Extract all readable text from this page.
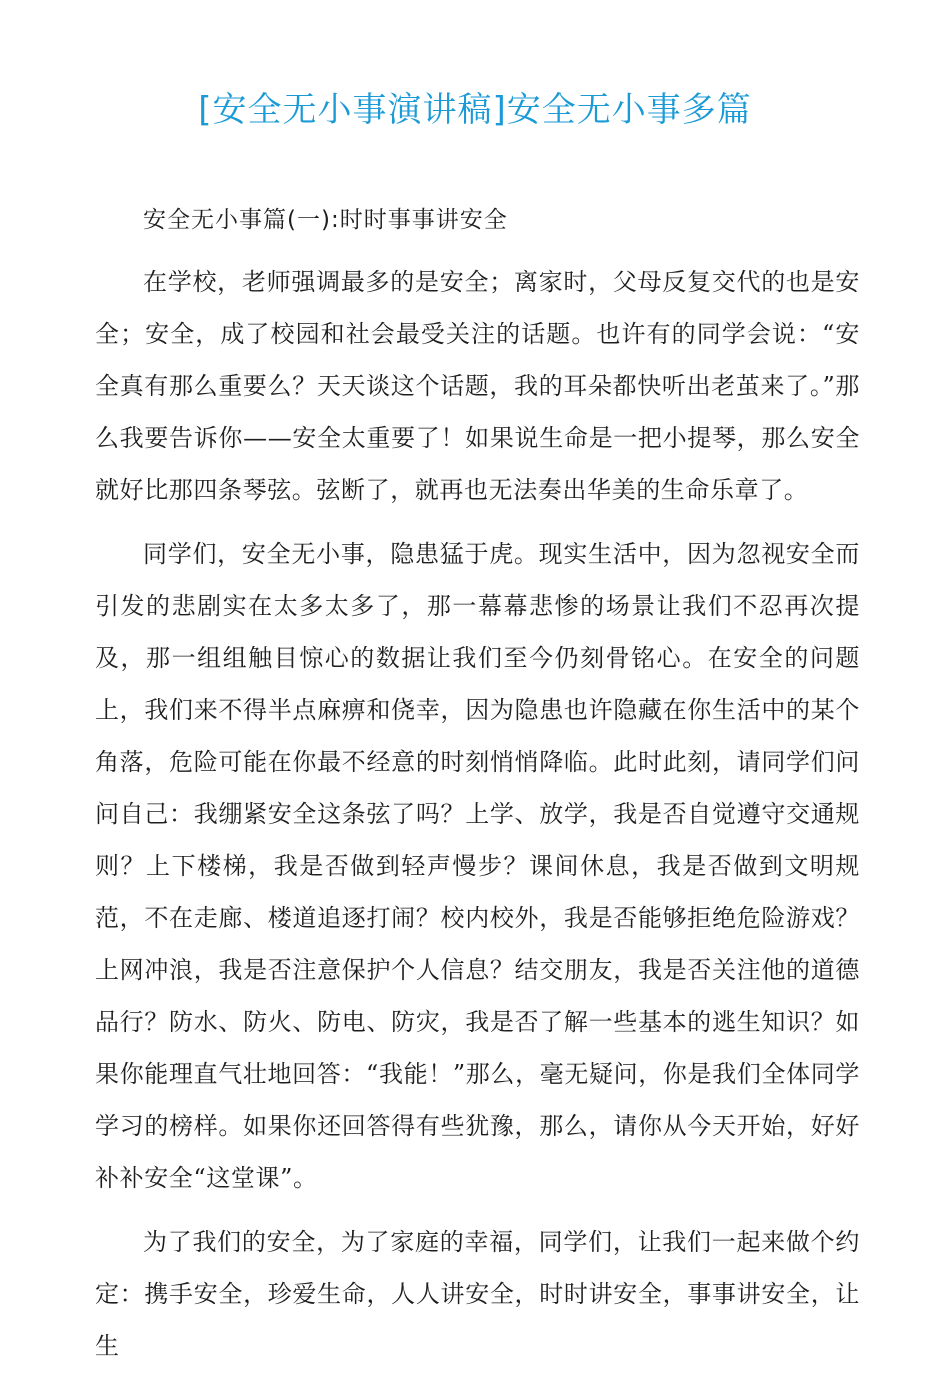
[安全无小事演讲稿]安全无小事多篇

安全无小事篇(一):时时事事讲安全

在学校，老师强调最多的是安全；离家时，父母反复交代的也是安全；安全，成了校园和社会最受关注的话题。也许有的同学会说：“安全真有那么重要么？天天谈这个话题，我的耳朵都快听出老茧来了。”那么我要告诉你——安全太重要了！如果说生命是一把小提琴，那么安全就好比那四条琴弦。弦断了，就再也无法奏出华美的生命乐章了。

同学们，安全无小事，隐患猛于虎。现实生活中，因为忽视安全而引发的悲剧实在太多太多了，那一幕幕悲惨的场景让我们不忍再次提及，那一组组触目惊心的数据让我们至今仍刻骨铭心。在安全的问题上，我们来不得半点麻痹和侥幸，因为隐患也许隐藏在你生活中的某个角落，危险可能在你最不经意的时刻悄悄降临。此时此刻，请同学们问问自己：我绷紧安全这条弦了吗？上学、放学，我是否自觉遵守交通规则？上下楼梯，我是否做到轻声慢步？课间休息，我是否做到文明规范，不在走廊、楼道追逐打闹？校内校外，我是否能够拒绝危险游戏？上网冲浪，我是否注意保护个人信息？结交朋友，我是否关注他的道德品行？防水、防火、防电、防灾，我是否了解一些基本的逃生知识？如果你能理直气壮地回答：“我能！”那么，毫无疑问，你是我们全体同学学习的榜样。如果你还回答得有些犹豫，那么，请你从今天开始，好好补补安全“这堂课”。

为了我们的安全，为了家庭的幸福，同学们，让我们一起来做个约定：携手安全，珍爱生命，人人讲安全，时时讲安全，事事讲安全，让生
